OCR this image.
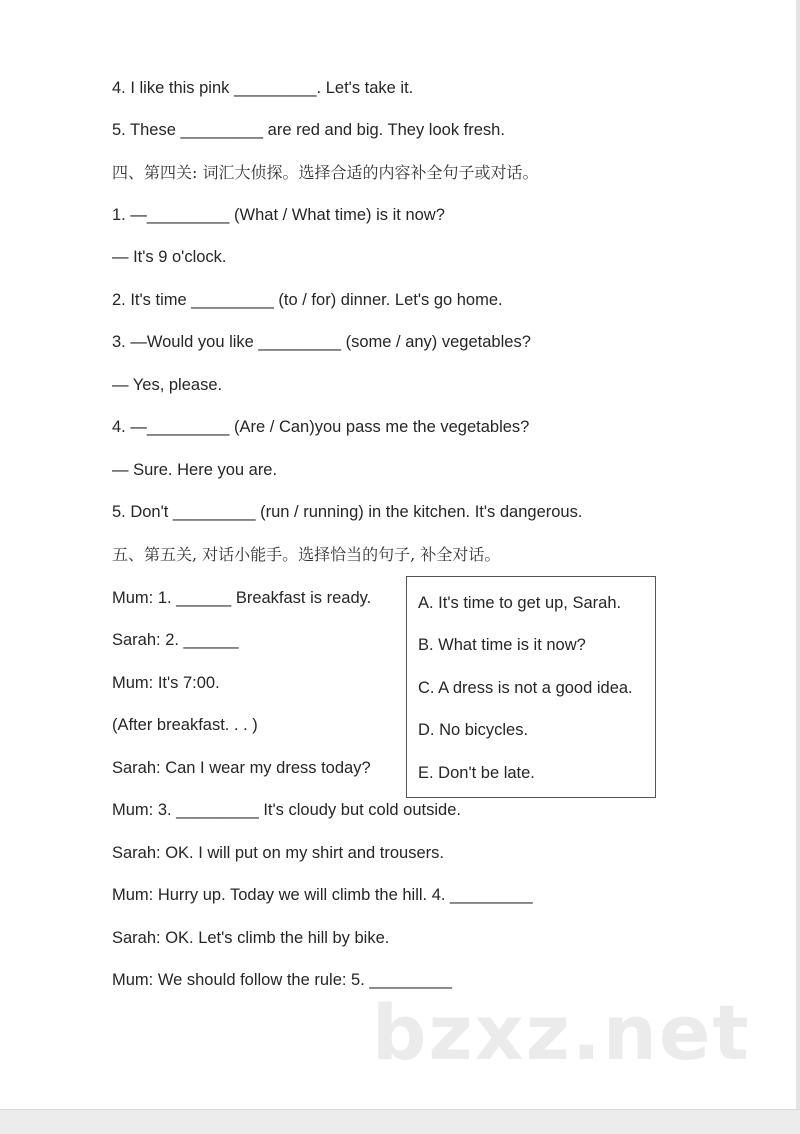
4. I like this pink _________. Let's take it.

5. These _________ are red and big. They look fresh.

四、第四关: 词汇大侦探。选择合适的内容补全句子或对话。

1. —_________ (What / What time) is it now?

— It's 9 o'clock.

2. It's time _________ (to / for) dinner. Let's go home.

3. —Would you like _________ (some / any) vegetables?

— Yes, please.

4. —_________ (Are / Can)you pass me the vegetables?

— Sure. Here you are.

5. Don't _________ (run / running) in the kitchen. It's dangerous.

五、第五关, 对话小能手。选择恰当的句子, 补全对话。

Mum: 1. ______ Breakfast is ready.

Sarah: 2. ______

Mum: It's 7:00.

(After breakfast. . . )

Sarah: Can I wear my dress today?

Mum: 3. _________ It's cloudy but cold outside.

Sarah: OK. I will put on my shirt and trousers.

Mum: Hurry up. Today we will climb the hill. 4. _________

Sarah: OK. Let's climb the hill by bike.

Mum: We should follow the rule: 5. _________

A. It's time to get up, Sarah.

B. What time is it now?

C. A dress is not a good idea.

D. No bicycles.

E. Don't be late.

bzxz.net
